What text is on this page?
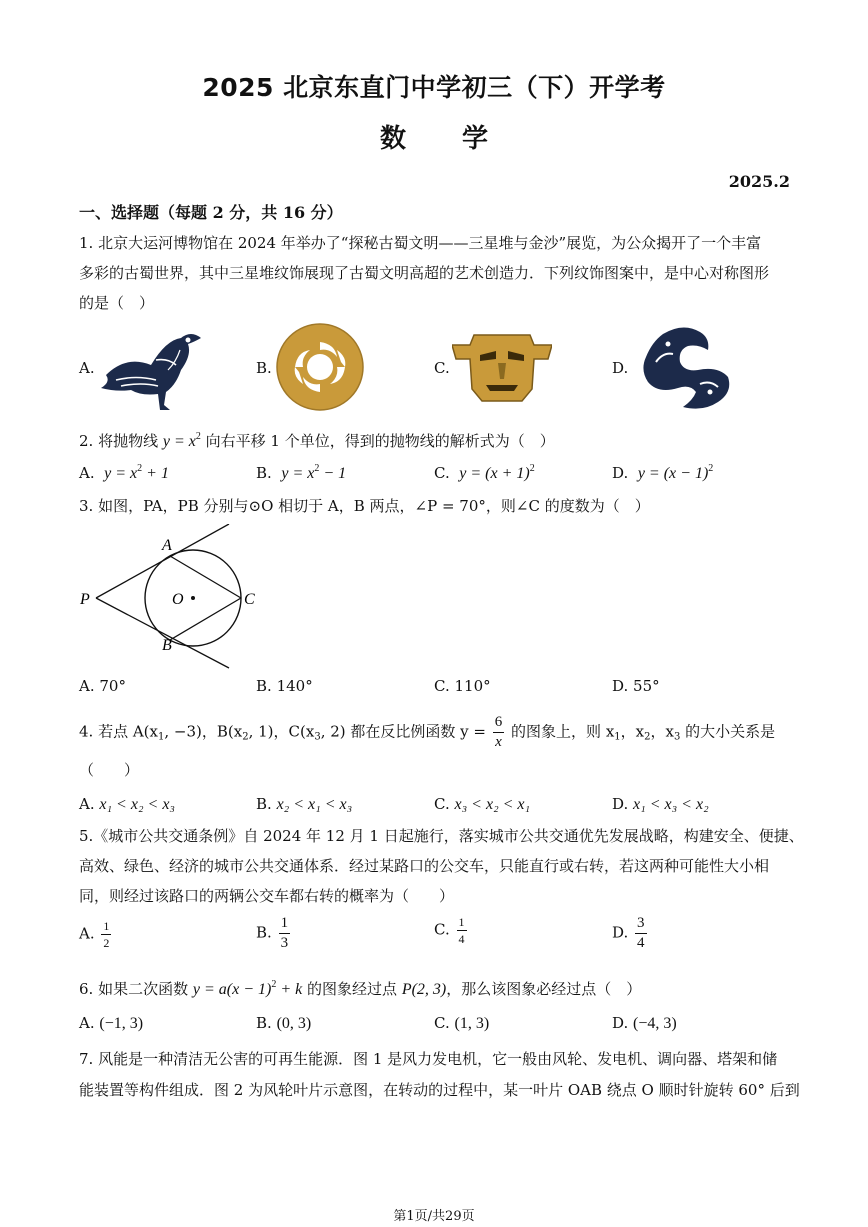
2025 北京东直门中学初三（下）开学考
数 学
2025.2
一、选择题（每题 2 分，共 16 分）
1. 北京大运河博物馆在 2024 年举办了“探秘古蜀文明——三星堆与金沙”展览，为公众揭开了一个丰富
多彩的古蜀世界，其中三星堆纹饰展现了古蜀文明高超的艺术创造力．下列纹饰图案中，是中心对称图形
的是（　）
A.	B.	C.	D.
2. 将抛物线 $y = x^2$ 向右平移 1 个单位，得到的抛物线的解析式为（　）
A. $y = x^2 + 1$	B. $y = x^2 - 1$	C. $y = (x + 1)^2$	D. $y = (x - 1)^2$
3. 如图，PA，PB 分别与⊙O 相切于 A，B 两点，∠P = 70°，则∠C 的度数为（　）
A
B
P	O	C
A. 70°	B. 140°	C. 110°	D. 55°
4. 若点 $A(x_1$, −3)，$B(x_2$, 1)，$C(x_3$, 2) 都在反比例函数 $y = \frac{6}{x}$ 的图象上，则 $x_1$，$x_2$，$x_3$ 的大小关系是
（　　）
A. x₁ < x₂ < x₃	B. x₂ < x₁ < x₃	C. x₃ < x₂ < x₁	D. x₁ < x₃ < x₂
5.《城市公共交通条例》自 2024 年 12 月 1 日起施行，落实城市公共交通优先发展战略，构建安全、便捷、
高效、绿色、经济的城市公共交通体系．经过某路口的公交车，只能直行或右转，若这两种可能性大小相
同，则经过该路口的两辆公交车都右转的概率为（　　）
A. $\frac{1}{2}$	B. $\frac{1}{3}$	C. $\frac{1}{4}$	D. $\frac{3}{4}$
6. 如果二次函数 $y = a(x - 1)^2 + k$ 的图象经过点 P(2, 3)，那么该图象必经过点（　）
A. (−1, 3)	B. (0, 3)	C. (1, 3)	D. (−4, 3)
7. 风能是一种清洁无公害的可再生能源．图 1 是风力发电机，它一般由风轮、发电机、调向器、塔架和储
能装置等构件组成．图 2 为风轮叶片示意图，在转动的过程中，某一叶片 OAB 绕点 O 顺时针旋转 60° 后到
第1页/共29页
